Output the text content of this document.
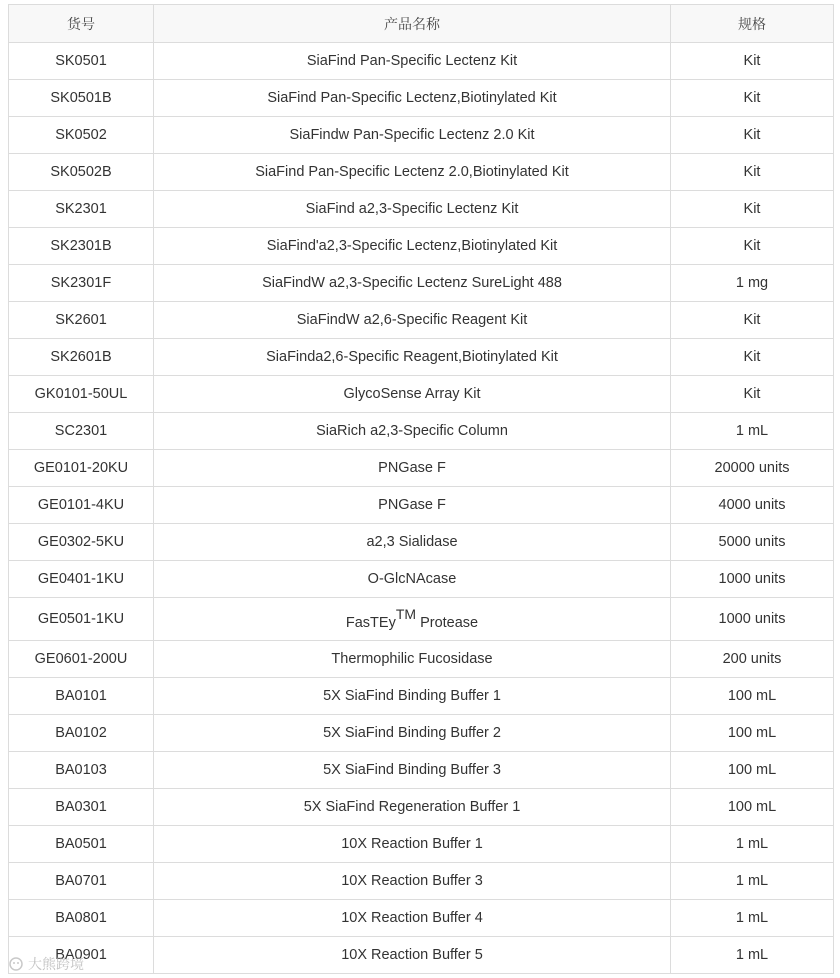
货号	产品名称	规格
SK0501	SiaFind Pan-Specific Lectenz Kit	Kit
SK0501B	SiaFind Pan-Specific Lectenz,Biotinylated Kit	Kit
SK0502	SiaFindw Pan-Specific Lectenz 2.0 Kit	Kit
SK0502B	SiaFind Pan-Specific Lectenz 2.0,Biotinylated Kit	Kit
SK2301	SiaFind a2,3-Specific Lectenz Kit	Kit
SK2301B	SiaFind'a2,3-Specific Lectenz,Biotinylated Kit	Kit
SK2301F	SiaFindW a2,3-Specific Lectenz SureLight 488	1 mg
SK2601	SiaFindW a2,6-Specific Reagent Kit	Kit
SK2601B	SiaFinda2,6-Specific Reagent,Biotinylated Kit	Kit
GK0101-50UL	GlycoSense Array Kit	Kit
SC2301	SiaRich a2,3-Specific Column	1 mL
GE0101-20KU	PNGase F	20000 units
GE0101-4KU	PNGase F	4000 units
GE0302-5KU	a2,3 Sialidase	5000 units
GE0401-1KU	O-GlcNAcase	1000 units
GE0501-1KU	FasTEy™ Protease	1000 units
GE0601-200U	Thermophilic Fucosidase	200 units
BA0101	5X SiaFind Binding Buffer 1	100 mL
BA0102	5X SiaFind Binding Buffer 2	100 mL
BA0103	5X SiaFind Binding Buffer 3	100 mL
BA0301	5X SiaFind Regeneration Buffer 1	100 mL
BA0501	10X Reaction Buffer 1	1 mL
BA0701	10X Reaction Buffer 3	1 mL
BA0801	10X Reaction Buffer 4	1 mL
BA0901	10X Reaction Buffer 5	1 mL
大熊跨境
